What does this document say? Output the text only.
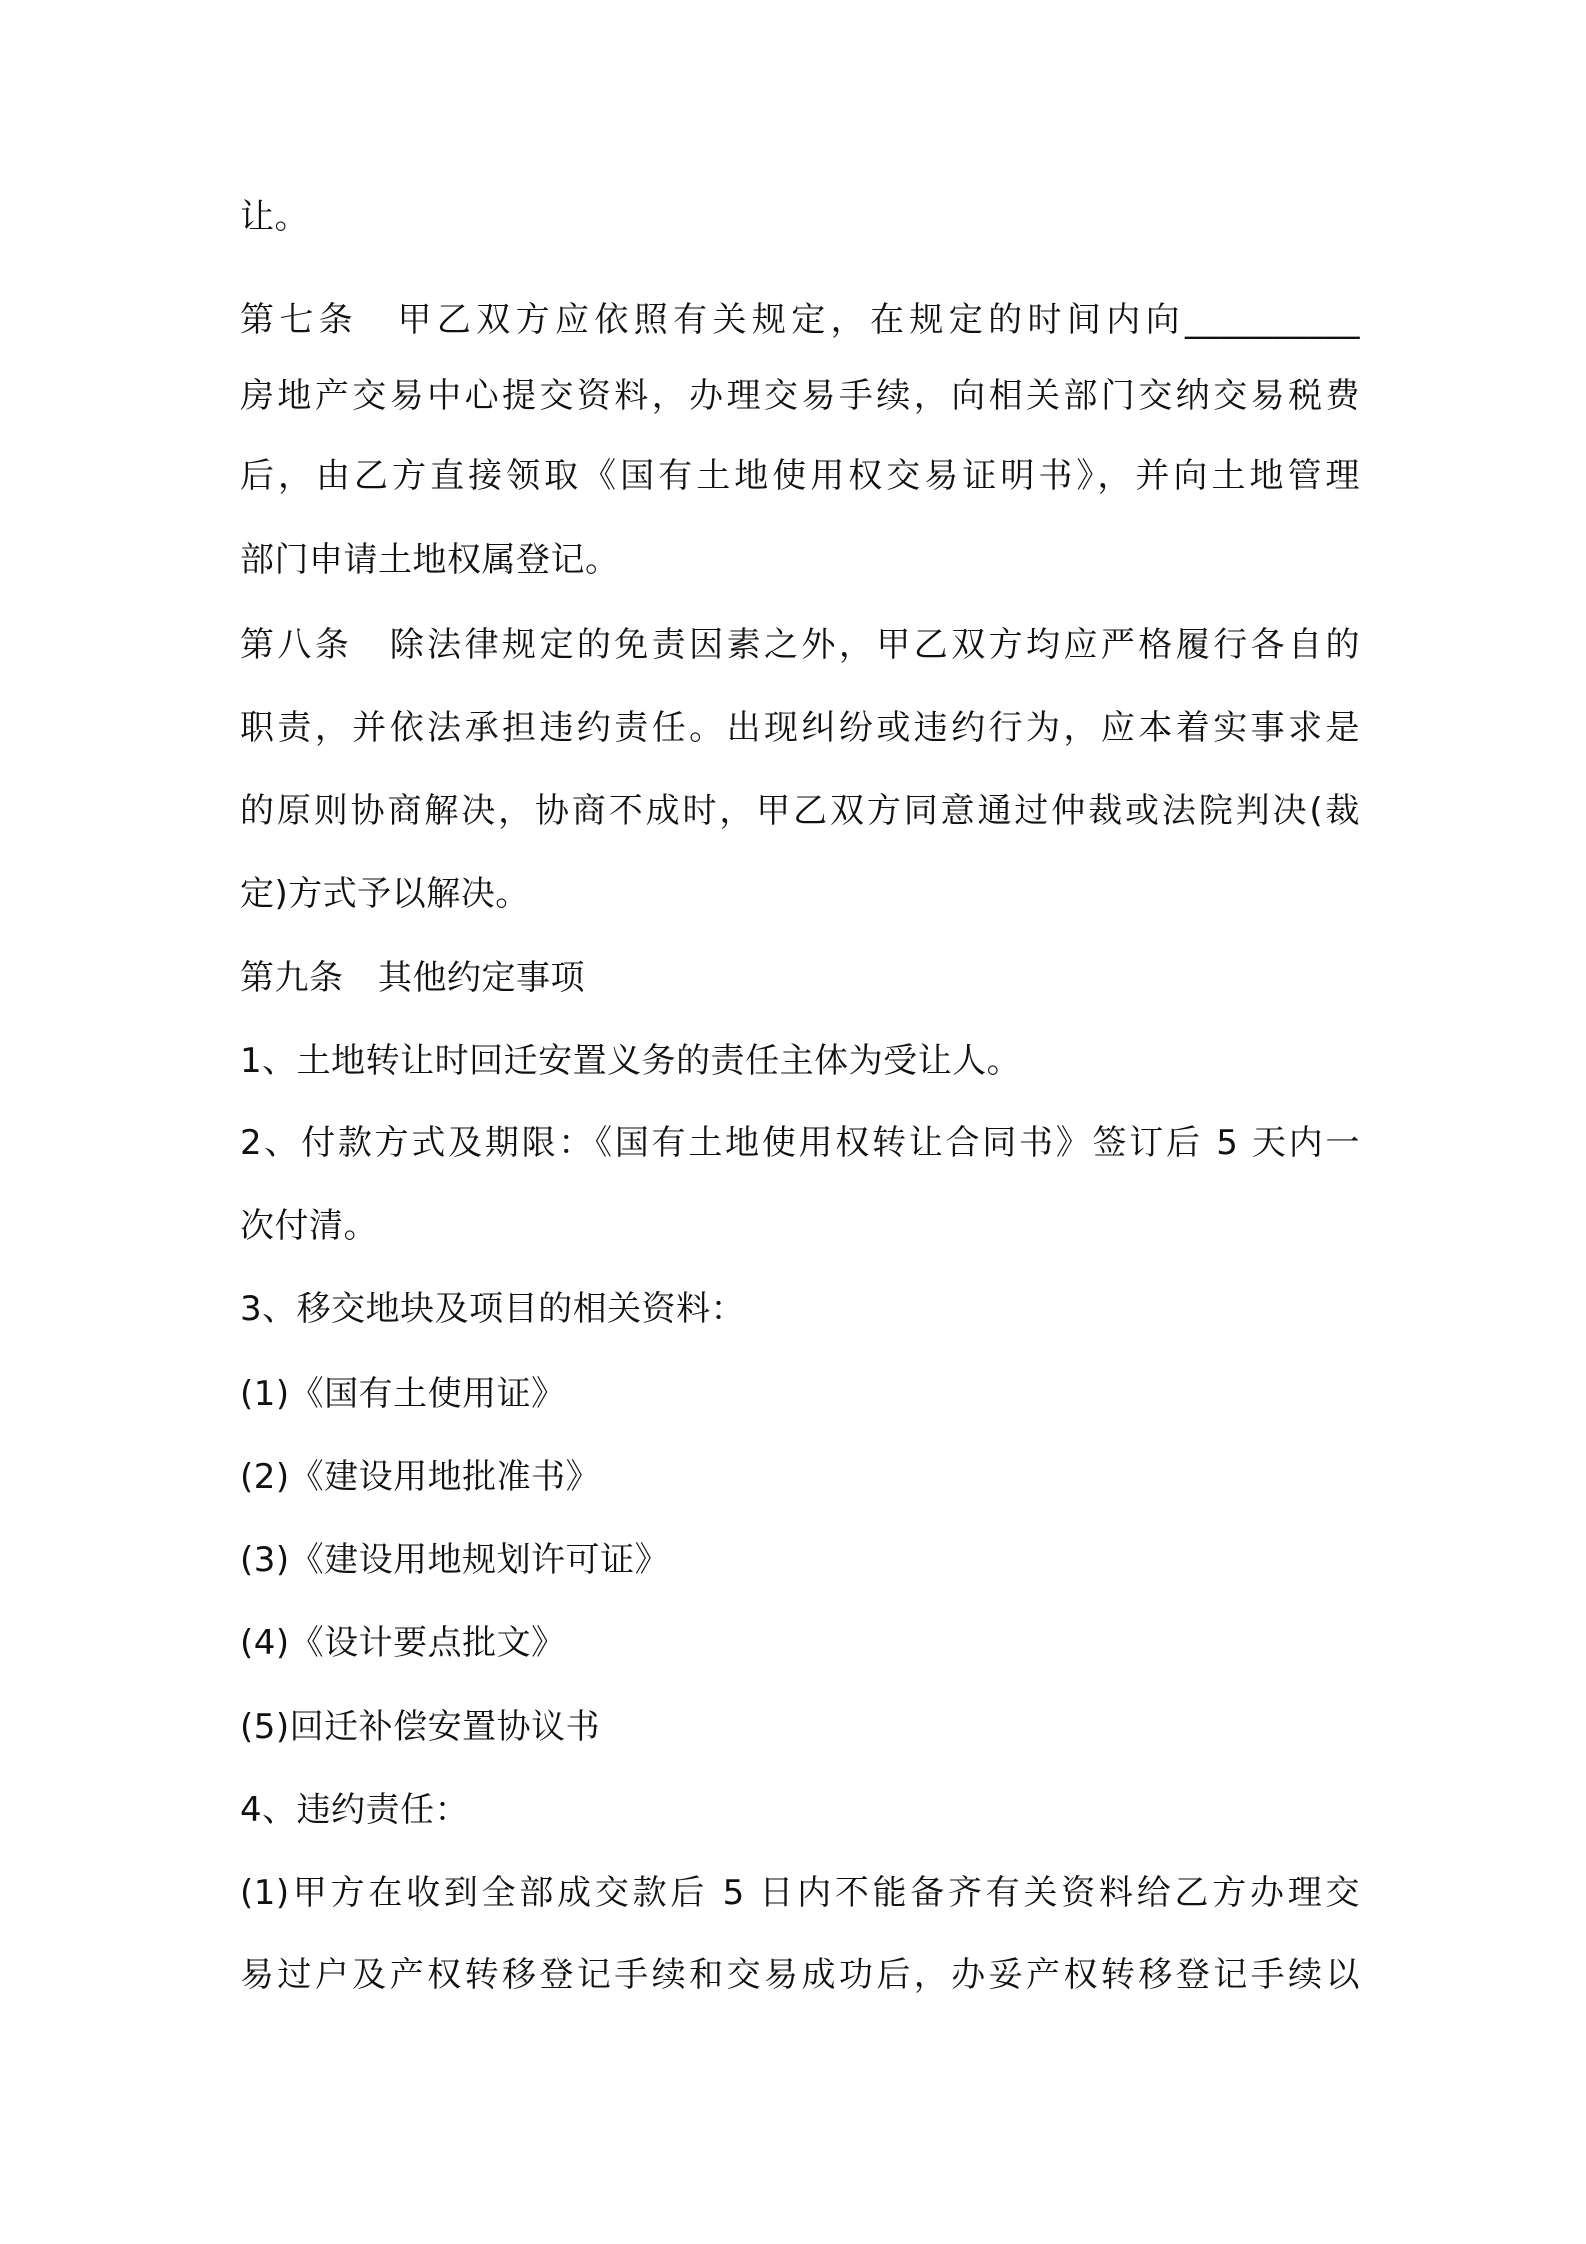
让。
第七条　甲乙双方应依照有关规定，在规定的时间内向__________
房地产交易中心提交资料，办理交易手续，向相关部门交纳交易税费
后，由乙方直接领取《国有土地使用权交易证明书》，并向土地管理
部门申请土地权属登记。
第八条　除法律规定的免责因素之外，甲乙双方均应严格履行各自的
职责，并依法承担违约责任。出现纠纷或违约行为，应本着实事求是
的原则协商解决，协商不成时，甲乙双方同意通过仲裁或法院判决(裁
定)方式予以解决。
第九条　其他约定事项
1、土地转让时回迁安置义务的责任主体为受让人。
2、付款方式及期限：《国有土地使用权转让合同书》签订后 5 天内一
次付清。
3、移交地块及项目的相关资料：
(1)《国有土使用证》
(2)《建设用地批准书》
(3)《建设用地规划许可证》
(4)《设计要点批文》
(5)回迁补偿安置协议书
4、违约责任：
(1)甲方在收到全部成交款后 5 日内不能备齐有关资料给乙方办理交
易过户及产权转移登记手续和交易成功后，办妥产权转移登记手续以
